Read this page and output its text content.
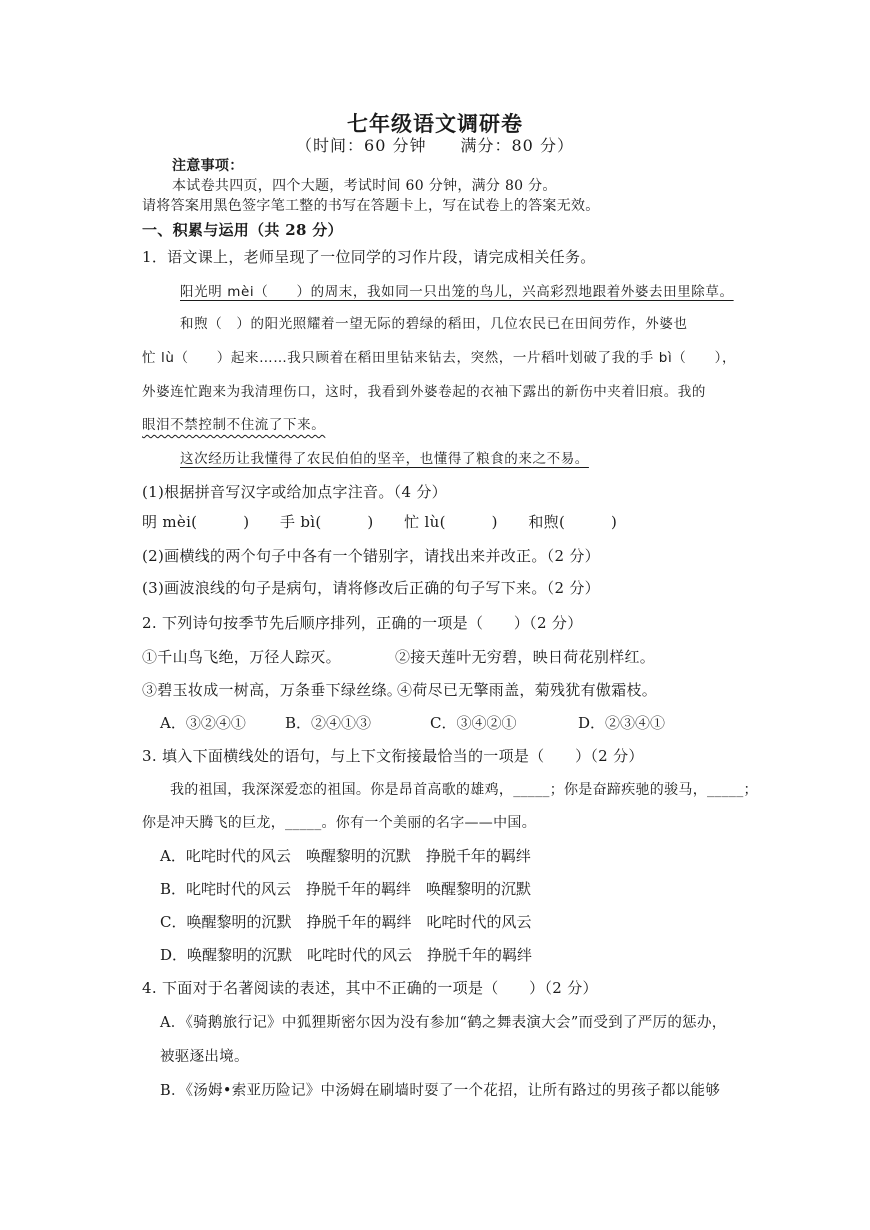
七年级语文调研卷
（时间：60 分钟　　满分：80 分）
注意事项：
本试卷共四页，四个大题，考试时间 60 分钟，满分 80 分。
请将答案用黑色签字笔工整的书写在答题卡上，写在试卷上的答案无效。
一、积累与运用（共 28 分）
1．语文课上，老师呈现了一位同学的习作片段，请完成相关任务。
阳光明 mèi（　　）的周末，我如同一只出笼的鸟儿，兴高彩烈地跟着外婆去田里除草。
和煦（　）的阳光照耀着一望无际的碧绿的稻田，几位农民已在田间劳作，外婆也
忙 lù（　　）起来……我只顾着在稻田里钻来钻去，突然，一片稻叶划破了我的手 bì（　　），
外婆连忙跑来为我清理伤口，这时，我看到外婆卷起的衣袖下露出的新伤中夹着旧痕。我的
眼泪不禁控制不住流了下来。
这次经历让我懂得了农民伯伯的坚辛，也懂得了粮食的来之不易。
(1)根据拼音写汉字或给加点字注音。（4 分）
明 mèi(　　　)　　手 bì(　　　)　　忙 lù(　　　)　　和煦(　　　)
(2)画横线的两个句子中各有一个错别字，请找出来并改正。（2 分）
(3)画波浪线的句子是病句，请将修改后正确的句子写下来。（2 分）
2. 下列诗句按季节先后顺序排列，正确的一项是（　　）（2 分）
①千山鸟飞绝，万径人踪灭。	②接天莲叶无穷碧，映日荷花别样红。
③碧玉妆成一树高，万条垂下绿丝绦。
④荷尽已无擎雨盖，菊残犹有傲霜枝。
A．③②④①	B．②④①③	C．③④②①	D．②③④①
3. 填入下面横线处的语句，与上下文衔接最恰当的一项是（　　）（2 分）
我的祖国，我深深爱恋的祖国。你是昂首高歌的雄鸡，_____；你是奋蹄疾驰的骏马，_____；
你是冲天腾飞的巨龙，_____。你有一个美丽的名字——中国。
A．叱咤时代的风云　唤醒黎明的沉默　挣脱千年的羁绊
B．叱咤时代的风云　挣脱千年的羁绊　唤醒黎明的沉默
C．唤醒黎明的沉默　挣脱千年的羁绊　叱咤时代的风云
D．唤醒黎明的沉默　叱咤时代的风云　挣脱千年的羁绊
4. 下面对于名著阅读的表述，其中不正确的一项是（　　）（2 分）
A．《骑鹅旅行记》中狐狸斯密尔因为没有参加“鹤之舞表演大会”而受到了严厉的惩办，
被驱逐出境。
B．《汤姆•索亚历险记》中汤姆在刷墙时耍了一个花招，让所有路过的男孩子都以能够
